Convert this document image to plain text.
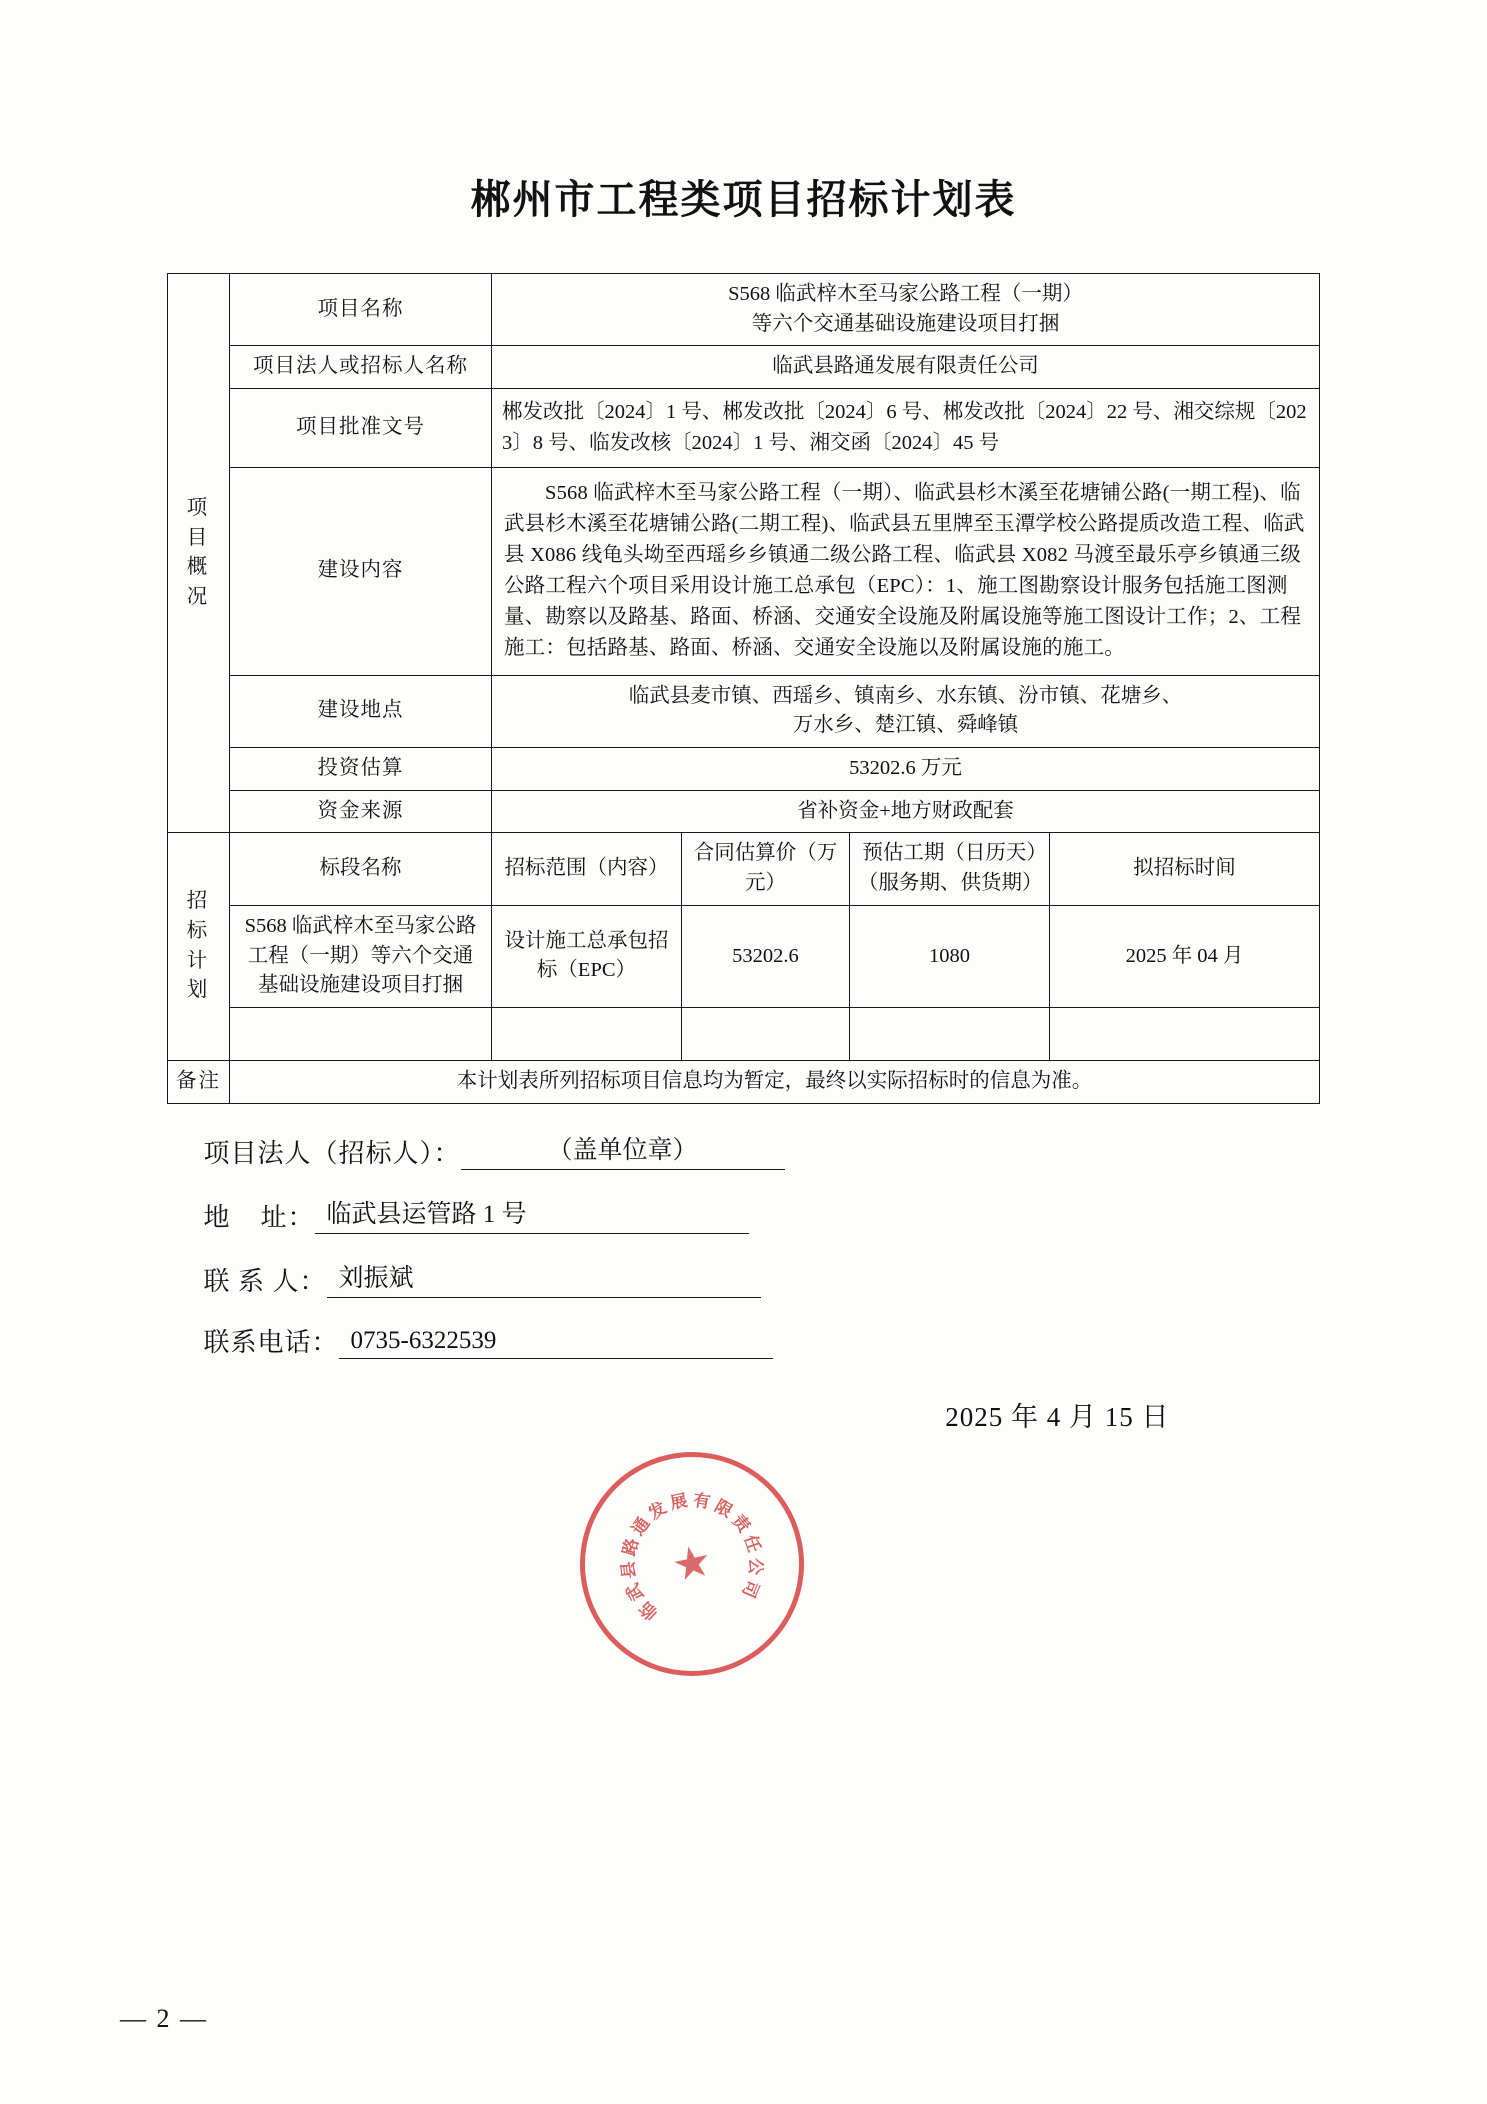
郴州市工程类项目招标计划表
项目概况	项目名称	S568 临武梓木至马家公路工程（一期）
等六个交通基础设施建设项目打捆			

	项目法人或招标人名称	临武县路通发展有限责任公司			
	项目批准文号	郴发改批〔2024〕1 号、郴发改批〔2024〕6 号、郴发改批〔2024〕22 号、湘交综规〔2023〕8 号、临发改核〔2024〕1 号、湘交函〔2024〕45 号			
	建设内容	S568 临武梓木至马家公路工程（一期）、临武县杉木溪至花塘铺公路(一期工程)、临武县杉木溪至花塘铺公路(二期工程)、临武县五里牌至玉潭学校公路提质改造工程、临武县 X086 线龟头坳至西瑶乡乡镇通二级公路工程、临武县 X082 马渡至最乐亭乡镇通三级公路工程六个项目采用设计施工总承包（EPC）：1、施工图勘察设计服务包括施工图测量、勘察以及路基、路面、桥涵、交通安全设施及附属设施等施工图设计工作；2、工程施工：包括路基、路面、桥涵、交通安全设施以及附属设施的施工。			
	建设地点	临武县麦市镇、西瑶乡、镇南乡、水东镇、汾市镇、花塘乡、
万水乡、楚江镇、舜峰镇			

	投资估算	53202.6 万元			
	资金来源	省补资金+地方财政配套			
招标计划	标段名称	招标范围（内容）	合同估算价（万元）	预估工期（日历天）（服务期、供货期）	拟招标时间
	S568 临武梓木至马家公路工程（一期）等六个交通基础设施建设项目打捆	设计施工总承包招标（EPC）	53202.6	1080	2025 年 04 月

备注	本计划表所列招标项目信息均为暂定，最终以实际招标时的信息为准。				
项目法人（招标人）：	（盖单位章）
地    址： 临武县运管路 1 号
联 系 人： 刘振斌
联系电话： 0735-6322539
2025 年 4 月 15 日
★
临
武
县
路
通
发
展 有 限
责
任
公
司
— 2 —
